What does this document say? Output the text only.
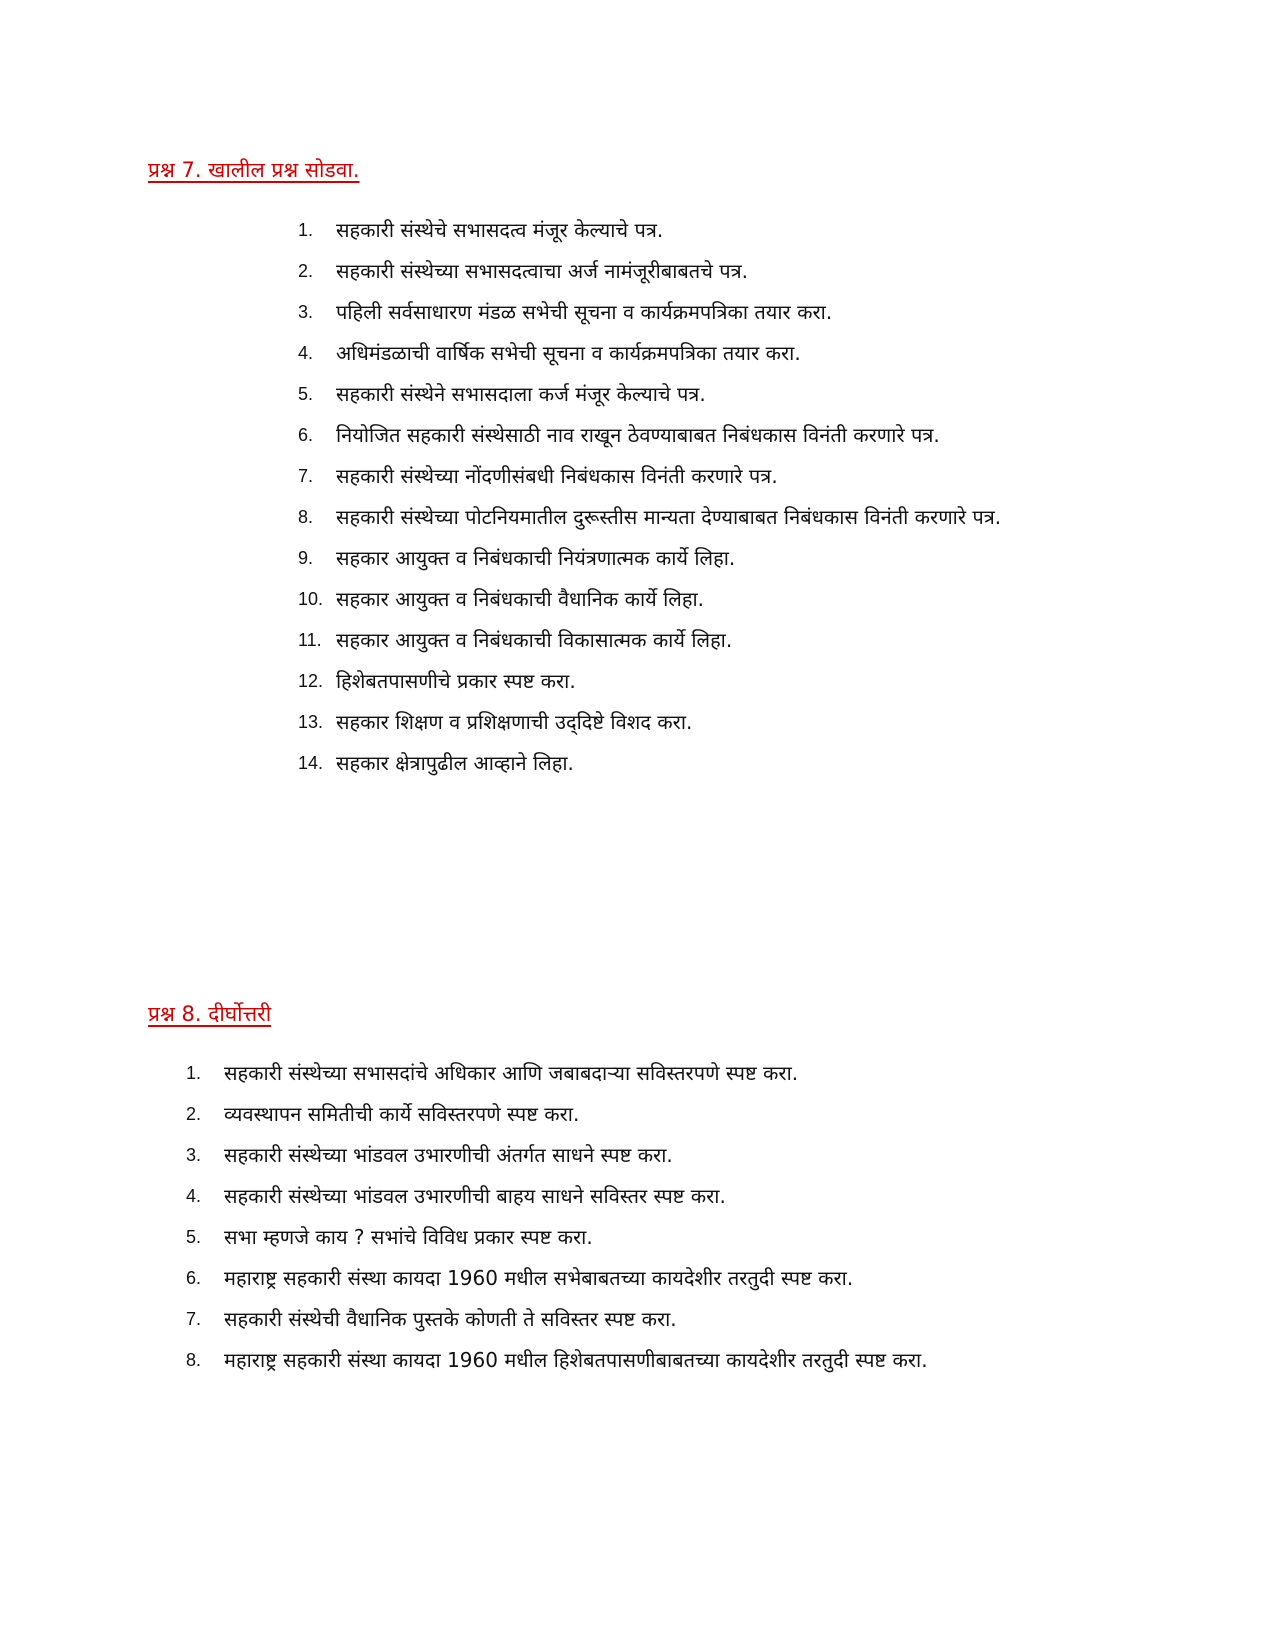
प्रश्न 7. खालील प्रश्न सोडवा.
1. सहकारी संस्थेचे सभासदत्व मंजूर केल्याचे पत्र.
2. सहकारी संस्थेच्या सभासदत्वाचा अर्ज नामंजूरीबाबतचे पत्र.
3. पहिली सर्वसाधारण मंडळ सभेची सूचना व कार्यक्रमपत्रिका तयार करा.
4. अधिमंडळाची वार्षिक सभेची सूचना व कार्यक्रमपत्रिका तयार करा.
5. सहकारी संस्थेने सभासदाला कर्ज मंजूर केल्याचे पत्र.
6. नियोजित सहकारी संस्थेसाठी नाव राखून ठेवण्याबाबत निबंधकास विनंती करणारे पत्र.
7. सहकारी संस्थेच्या नोंदणीसंबधी निबंधकास विनंती करणारे पत्र.
8. सहकारी संस्थेच्या पोटनियमातील दुरूस्तीस मान्यता देण्याबाबत निबंधकास विनंती करणारे पत्र.
9. सहकार आयुक्त व निबंधकाची नियंत्रणात्मक कार्ये लिहा.
10. सहकार आयुक्त व निबंधकाची वैधानिक कार्ये लिहा.
11. सहकार आयुक्त व निबंधकाची विकासात्मक कार्ये लिहा.
12. हिशेबतपासणीचे प्रकार स्पष्ट करा.
13. सहकार शिक्षण व प्रशिक्षणाची उद्‌दिष्टे विशद करा.
14. सहकार क्षेत्रापुढील आव्हाने लिहा.
प्रश्न 8. दीर्घोत्तरी
1. सहकारी संस्थेच्या सभासदांचे अधिकार आणि जबाबदाऱ्या सविस्तरपणे स्पष्ट करा.
2. व्यवस्थापन समितीची कार्ये सविस्तरपणे स्पष्ट करा.
3. सहकारी संस्थेच्या भांडवल उभारणीची अंतर्गत साधने स्पष्ट करा.
4. सहकारी संस्थेच्या भांडवल उभारणीची बाहय साधने सविस्तर स्पष्ट करा.
5. सभा म्हणजे काय ? सभांचे विविध प्रकार स्पष्ट करा.
6. महाराष्ट्र सहकारी संस्था कायदा 1960 मधील सभेबाबतच्या कायदेशीर तरतुदी स्पष्ट करा.
7. सहकारी संस्थेची वैधानिक पुस्तके कोणती ते सविस्तर स्पष्ट करा.
8. महाराष्ट्र सहकारी संस्था कायदा 1960 मधील हिशेबतपासणीबाबतच्या कायदेशीर तरतुदी स्पष्ट करा.
